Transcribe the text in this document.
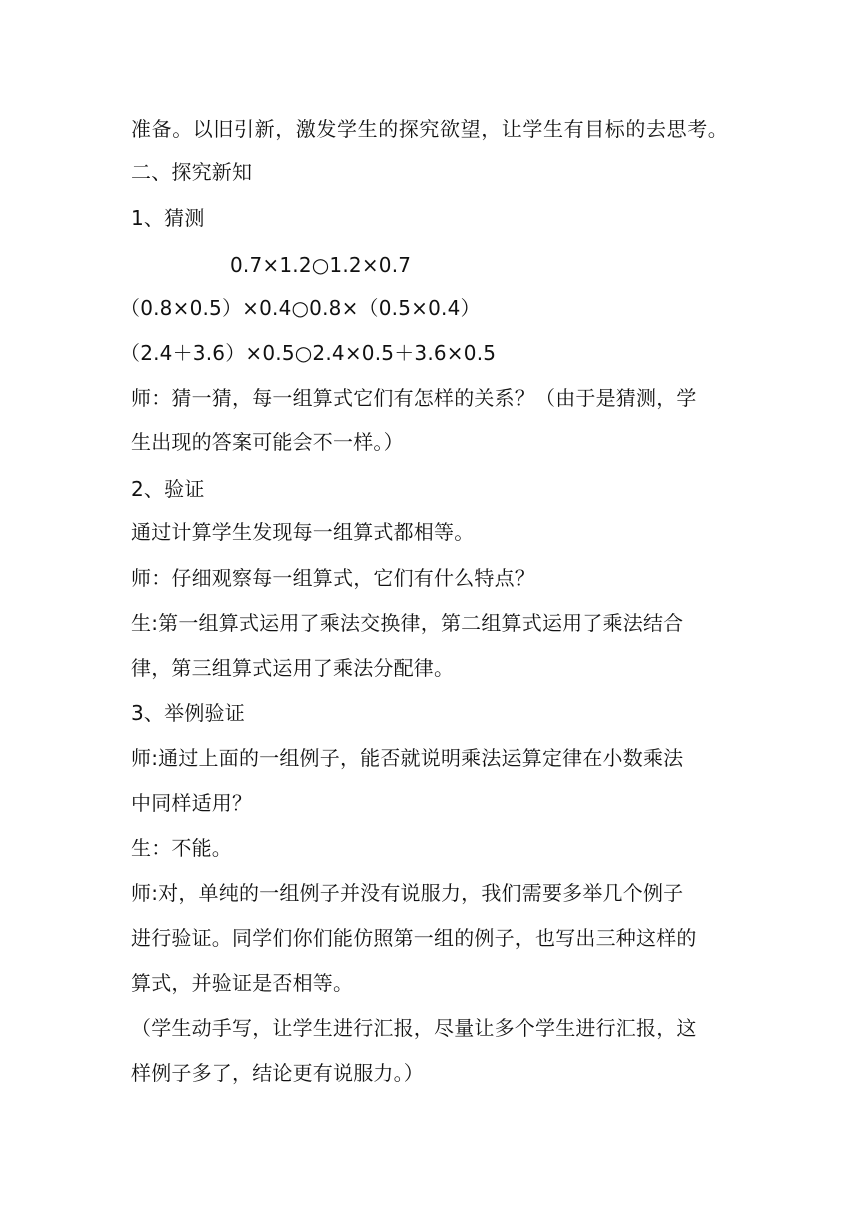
准备。以旧引新，激发学生的探究欲望，让学生有目标的去思考。
二、探究新知
1、猜测
0.7×1.2○1.2×0.7
（0.8×0.5）×0.4○0.8×（0.5×0.4）
（2.4＋3.6）×0.5○2.4×0.5＋3.6×0.5
师：猜一猜，每一组算式它们有怎样的关系？（由于是猜测，学
生出现的答案可能会不一样。）
2、验证
通过计算学生发现每一组算式都相等。
师：仔细观察每一组算式，它们有什么特点？
生:第一组算式运用了乘法交换律，第二组算式运用了乘法结合
律，第三组算式运用了乘法分配律。
3、举例验证
师:通过上面的一组例子，能否就说明乘法运算定律在小数乘法
中同样适用？
生：不能。
师:对，单纯的一组例子并没有说服力，我们需要多举几个例子
进行验证。同学们你们能仿照第一组的例子，也写出三种这样的
算式，并验证是否相等。
（学生动手写，让学生进行汇报，尽量让多个学生进行汇报，这
样例子多了，结论更有说服力。）
